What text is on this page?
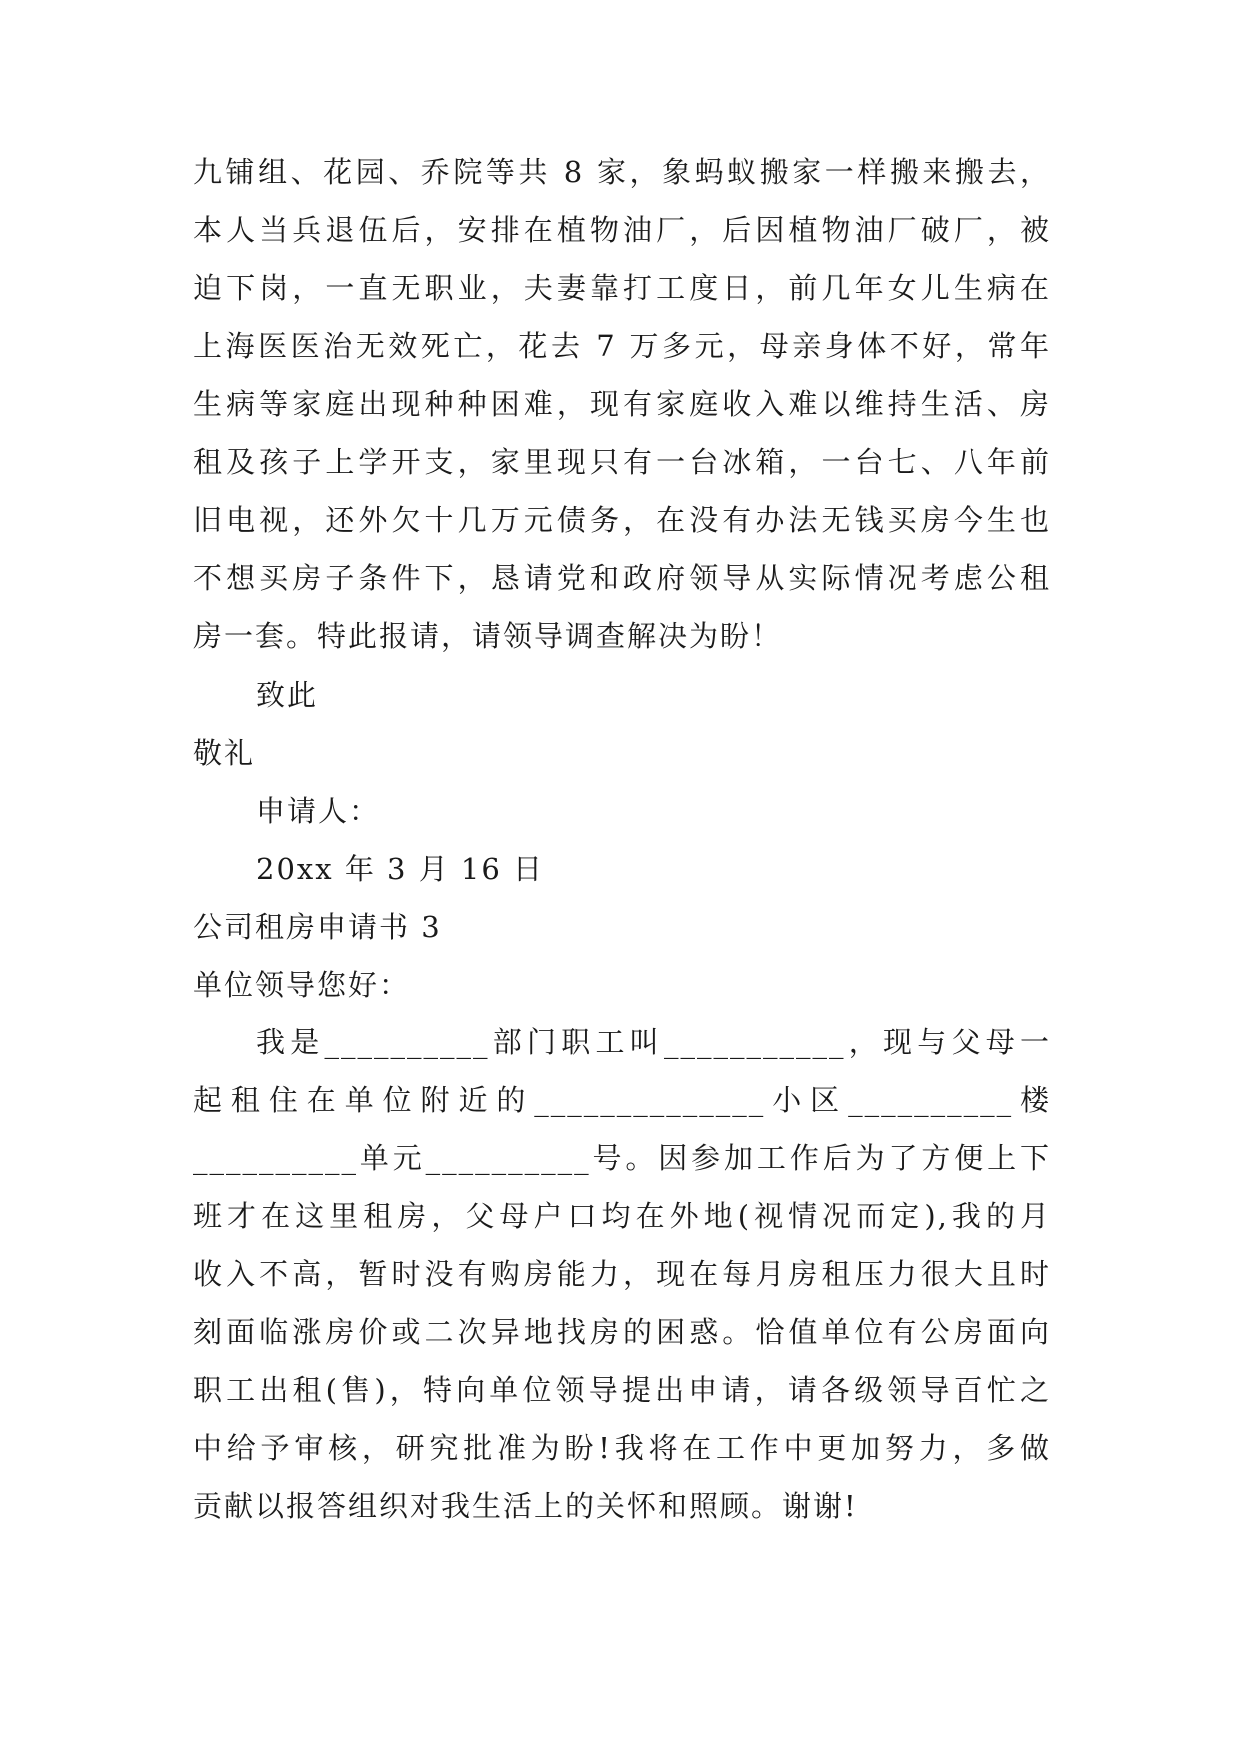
九铺组、花园、乔院等共 8 家，象蚂蚁搬家一样搬来搬去，
本人当兵退伍后，安排在植物油厂，后因植物油厂破厂，被
迫下岗，一直无职业，夫妻靠打工度日，前几年女儿生病在
上海医医治无效死亡，花去 7 万多元，母亲身体不好，常年
生病等家庭出现种种困难，现有家庭收入难以维持生活、房
租及孩子上学开支，家里现只有一台冰箱，一台七、八年前
旧电视，还外欠十几万元债务，在没有办法无钱买房今生也
不想买房子条件下，恳请党和政府领导从实际情况考虑公租
房一套。特此报请，请领导调查解决为盼！
致此
敬礼
申请人：
20xx 年 3 月 16 日
公司租房申请书 3
单位领导您好：
我是__________部门职工叫___________，现与父母一
起租住在单位附近的______________小区__________楼
__________单元__________号。因参加工作后为了方便上下
班才在这里租房，父母户口均在外地(视情况而定),我的月
收入不高，暂时没有购房能力，现在每月房租压力很大且时
刻面临涨房价或二次异地找房的困惑。恰值单位有公房面向
职工出租(售)，特向单位领导提出申请，请各级领导百忙之
中给予审核，研究批准为盼!我将在工作中更加努力，多做
贡献以报答组织对我生活上的关怀和照顾。谢谢!
